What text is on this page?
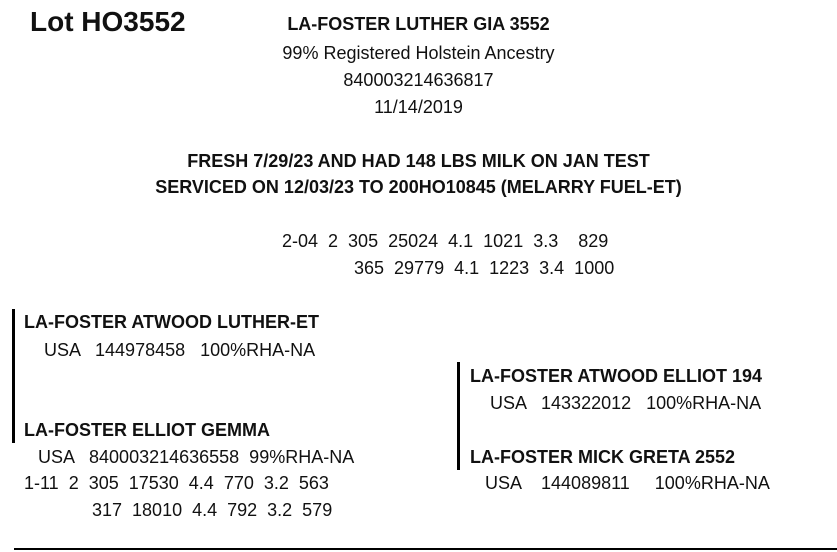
Lot HO3552	LA-FOSTER LUTHER GIA 3552
99% Registered Holstein Ancestry
840003214636817
11/14/2019
FRESH 7/29/23 AND HAD 148 LBS MILK ON JAN TEST
SERVICED ON 12/03/23 TO 200HO10845 (MELARRY FUEL-ET)
2-04  2  305  25024  4.1  1021  3.3    829
365  29779  4.1  1223  3.4  1000
LA-FOSTER ATWOOD LUTHER-ET
USA   144978458   100%RHA-NA
LA-FOSTER ELLIOT GEMMA
USA   840003214636558  99%RHA-NA
1-11  2  305  17530  4.4  770  3.2  563
317  18010  4.4  792  3.2  579
LA-FOSTER ATWOOD ELLIOT 194
USA   143322012   100%RHA-NA
LA-FOSTER MICK GRETA 2552
USA    144089811     100%RHA-NA
